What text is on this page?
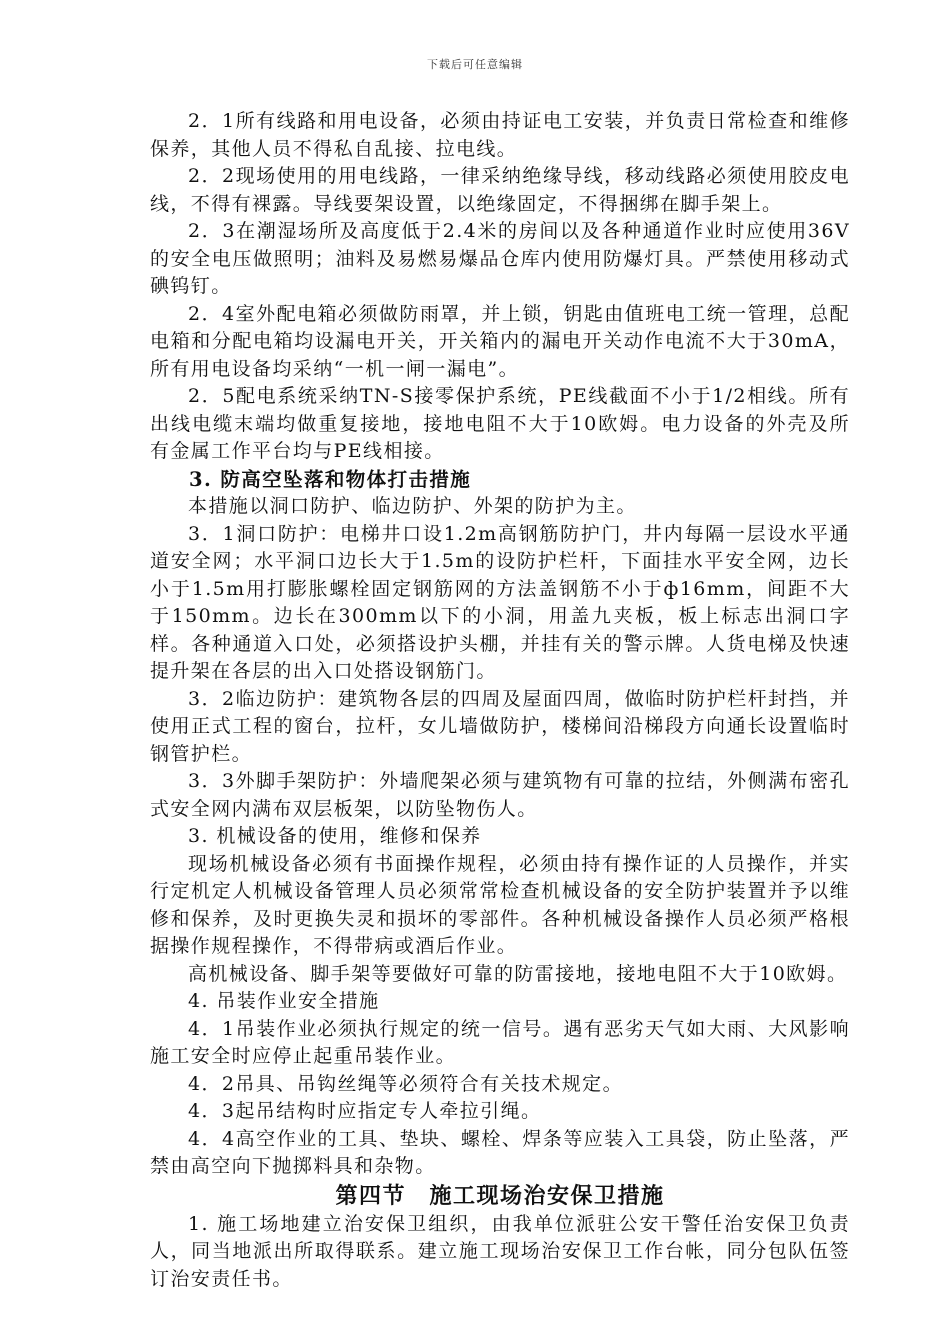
下载后可任意编辑

2．1所有线路和用电设备，必须由持证电工安装，并负责日常检查和维修保养，其他人员不得私自乱接、拉电线。

2．2现场使用的用电线路，一律采纳绝缘导线，移动线路必须使用胶皮电线，不得有裸露。导线要架设置，以绝缘固定，不得捆绑在脚手架上。

2．3在潮湿场所及高度低于2.4米的房间以及各种通道作业时应使用36V的安全电压做照明；油料及易燃易爆品仓库内使用防爆灯具。严禁使用移动式碘钨钉。

2．4室外配电箱必须做防雨罩，并上锁，钥匙由值班电工统一管理，总配电箱和分配电箱均设漏电开关，开关箱内的漏电开关动作电流不大于30mA，所有用电设备均采纳“一机一闸一漏电”。

2．5配电系统采纳TN-S接零保护系统，PE线截面不小于1/2相线。所有出线电缆末端均做重复接地，接地电阻不大于10欧姆。电力设备的外壳及所有金属工作平台均与PE线相接。

3. 防高空坠落和物体打击措施

本措施以洞口防护、临边防护、外架的防护为主。

3．1洞口防护：电梯井口设1.2m高钢筋防护门，井内每隔一层设水平通道安全网；水平洞口边长大于1.5m的设防护栏杆，下面挂水平安全网，边长小于1.5m用打膨胀螺栓固定钢筋网的方法盖钢筋不小于ф16mm，间距不大于150mm。边长在300mm以下的小洞，用盖九夹板，板上标志出洞口字样。各种通道入口处，必须搭设护头棚，并挂有关的警示牌。人货电梯及快速提升架在各层的出入口处搭设钢筋门。

3．2临边防护：建筑物各层的四周及屋面四周，做临时防护栏杆封挡，并使用正式工程的窗台，拉杆，女儿墙做防护，楼梯间沿梯段方向通长设置临时钢管护栏。

3．3外脚手架防护：外墙爬架必须与建筑物有可靠的拉结，外侧满布密孔式安全网内满布双层板架，以防坠物伤人。

3. 机械设备的使用，维修和保养

现场机械设备必须有书面操作规程，必须由持有操作证的人员操作，并实行定机定人机械设备管理人员必须常常检查机械设备的安全防护装置并予以维修和保养，及时更换失灵和损坏的零部件。各种机械设备操作人员必须严格根据操作规程操作，不得带病或酒后作业。

高机械设备、脚手架等要做好可靠的防雷接地，接地电阻不大于10欧姆。

4. 吊装作业安全措施

4．1吊装作业必须执行规定的统一信号。遇有恶劣天气如大雨、大风影响施工安全时应停止起重吊装作业。

4．2吊具、吊钩丝绳等必须符合有关技术规定。

4．3起吊结构时应指定专人牵拉引绳。

4．4高空作业的工具、垫块、螺栓、焊条等应装入工具袋，防止坠落，严禁由高空向下抛掷料具和杂物。

第四节　施工现场治安保卫措施

1. 施工场地建立治安保卫组织，由我单位派驻公安干警任治安保卫负责人，同当地派出所取得联系。建立施工现场治安保卫工作台帐，同分包队伍签订治安责任书。
